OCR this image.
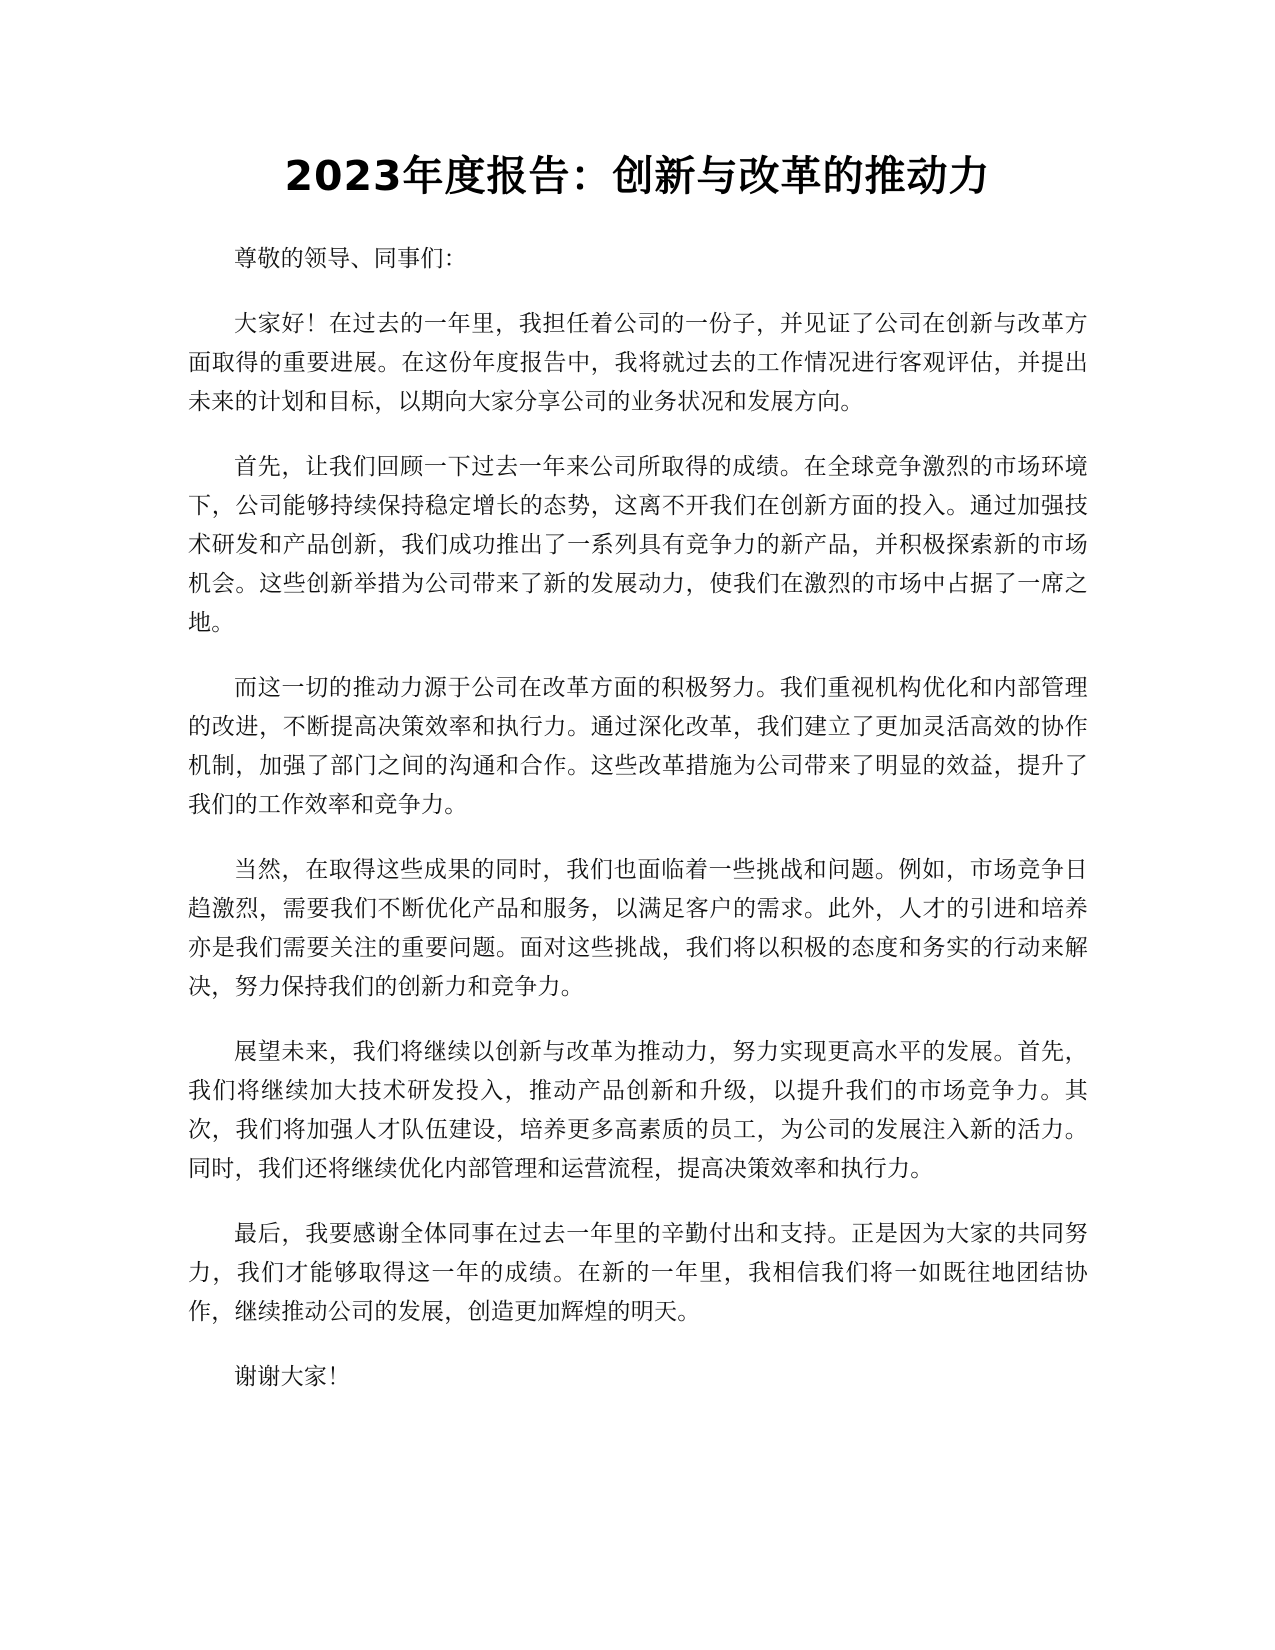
2023年度报告：创新与改革的推动力

尊敬的领导、同事们：

大家好！在过去的一年里，我担任着公司的一份子，并见证了公司在创新与改革方面取得的重要进展。在这份年度报告中，我将就过去的工作情况进行客观评估，并提出未来的计划和目标，以期向大家分享公司的业务状况和发展方向。

首先，让我们回顾一下过去一年来公司所取得的成绩。在全球竞争激烈的市场环境下，公司能够持续保持稳定增长的态势，这离不开我们在创新方面的投入。通过加强技术研发和产品创新，我们成功推出了一系列具有竞争力的新产品，并积极探索新的市场机会。这些创新举措为公司带来了新的发展动力，使我们在激烈的市场中占据了一席之地。

而这一切的推动力源于公司在改革方面的积极努力。我们重视机构优化和内部管理的改进，不断提高决策效率和执行力。通过深化改革，我们建立了更加灵活高效的协作机制，加强了部门之间的沟通和合作。这些改革措施为公司带来了明显的效益，提升了我们的工作效率和竞争力。

当然，在取得这些成果的同时，我们也面临着一些挑战和问题。例如，市场竞争日趋激烈，需要我们不断优化产品和服务，以满足客户的需求。此外，人才的引进和培养亦是我们需要关注的重要问题。面对这些挑战，我们将以积极的态度和务实的行动来解决，努力保持我们的创新力和竞争力。

展望未来，我们将继续以创新与改革为推动力，努力实现更高水平的发展。首先，我们将继续加大技术研发投入，推动产品创新和升级，以提升我们的市场竞争力。其次，我们将加强人才队伍建设，培养更多高素质的员工，为公司的发展注入新的活力。同时，我们还将继续优化内部管理和运营流程，提高决策效率和执行力。

最后，我要感谢全体同事在过去一年里的辛勤付出和支持。正是因为大家的共同努力，我们才能够取得这一年的成绩。在新的一年里，我相信我们将一如既往地团结协作，继续推动公司的发展，创造更加辉煌的明天。

谢谢大家！
